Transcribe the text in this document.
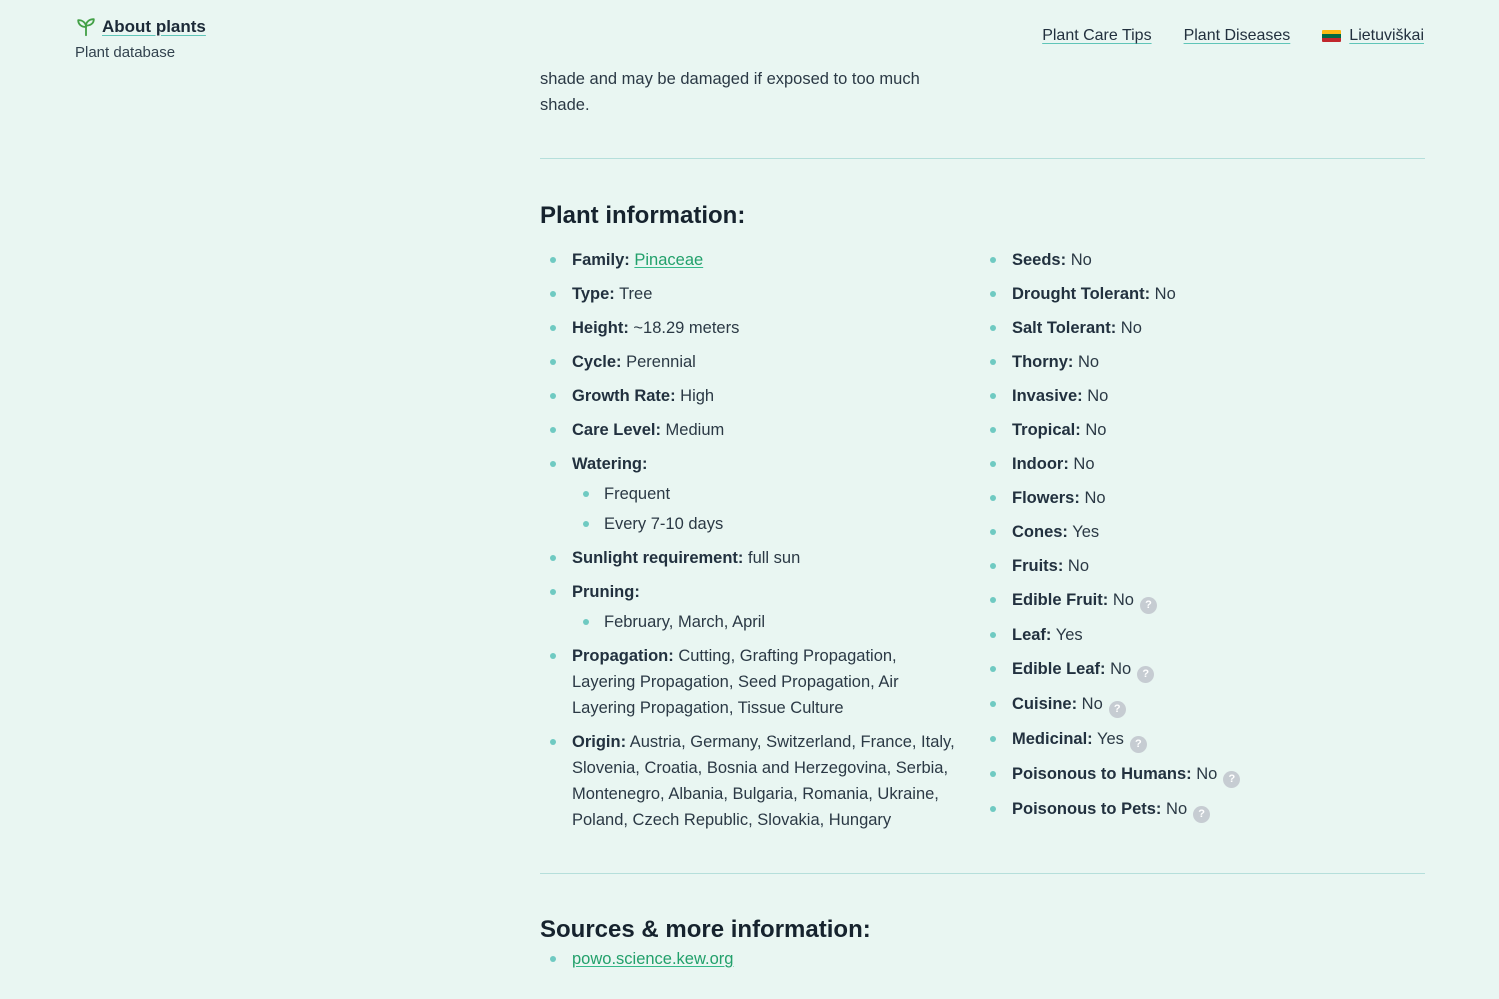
About plants
Plant database
Plant Care Tips Plant Diseases	Lietuviškai

shade and may be damaged if exposed to too much shade.

Plant information:
Family: Pinaceae
Type: Tree
Height: ~18.29 meters
Cycle: Perennial
Growth Rate: High
Care Level: Medium
Watering:
Frequent
Every 7-10 days
Sunlight requirement: full sun
Pruning:
February, March, April
Propagation: Cutting, Grafting Propagation, Layering Propagation, Seed Propagation, Air Layering Propagation, Tissue Culture
Origin: Austria, Germany, Switzerland, France, Italy, Slovenia, Croatia, Bosnia and Herzegovina, Serbia, Montenegro, Albania, Bulgaria, Romania, Ukraine, Poland, Czech Republic, Slovakia, Hungary
Seeds: No
Drought Tolerant: No
Salt Tolerant: No
Thorny: No
Invasive: No
Tropical: No
Indoor: No
Flowers: No
Cones: Yes
Fruits: No
Edible Fruit: No ?
Leaf: Yes
Edible Leaf: No ?
Cuisine: No ?
Medicinal: Yes ?
Poisonous to Humans: No ?
Poisonous to Pets: No ?
Sources & more information:
powo.science.kew.org
